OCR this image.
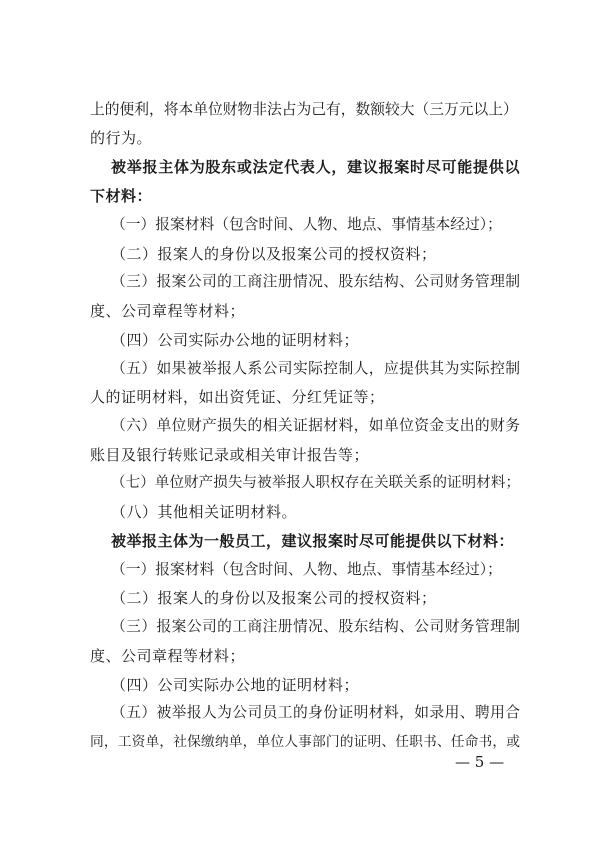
上的便利，将本单位财物非法占为己有，数额较大（三万元以上）
的行为。
被举报主体为股东或法定代表人，建议报案时尽可能提供以
下材料：
（一）报案材料（包含时间、人物、地点、事情基本经过）；
（二）报案人的身份以及报案公司的授权资料；
（三）报案公司的工商注册情况、股东结构、公司财务管理制
度、公司章程等材料；
（四）公司实际办公地的证明材料；
（五）如果被举报人系公司实际控制人，应提供其为实际控制
人的证明材料，如出资凭证、分红凭证等；
（六）单位财产损失的相关证据材料，如单位资金支出的财务
账目及银行转账记录或相关审计报告等；
（七）单位财产损失与被举报人职权存在关联关系的证明材料；
（八）其他相关证明材料。
被举报主体为一般员工，建议报案时尽可能提供以下材料：
（一）报案材料（包含时间、人物、地点、事情基本经过）；
（二）报案人的身份以及报案公司的授权资料；
（三）报案公司的工商注册情况、股东结构、公司财务管理制
度、公司章程等材料；
（四）公司实际办公地的证明材料；
（五）被举报人为公司员工的身份证明材料，如录用、聘用合
同，工资单，社保缴纳单，单位人事部门的证明、任职书、任命书，或
— 5 —
